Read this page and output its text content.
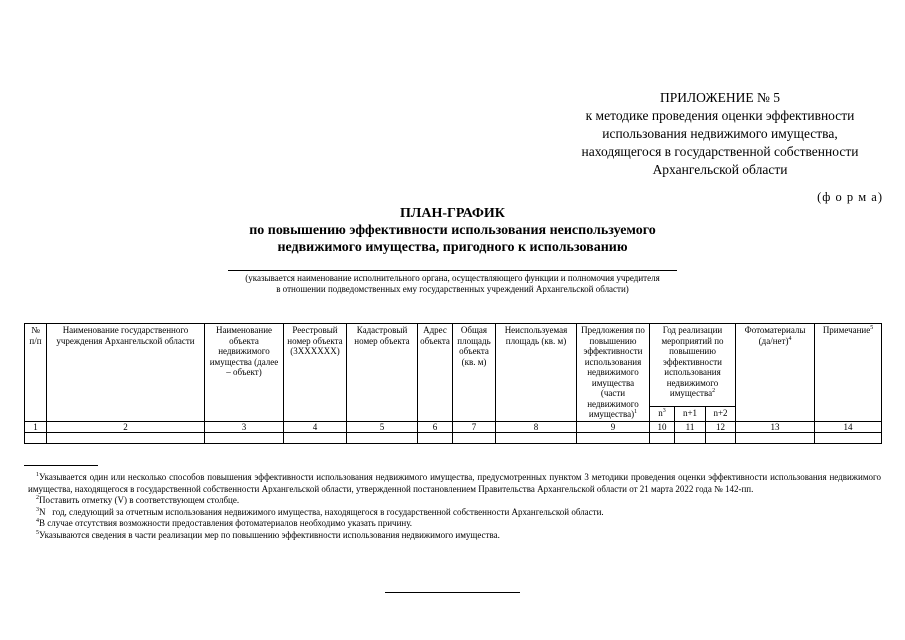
ПРИЛОЖЕНИЕ № 5
к методике проведения оценки эффективности
использования недвижимого имущества,
находящегося в государственной собственности
Архангельской области
(ф о р м а)
ПЛАН-ГРАФИК
по повышению эффективности использования неиспользуемого
недвижимого имущества, пригодного к использованию
(указывается наименование исполнительного органа, осуществляющего функции и полномочия учредителя
в отношении подведомственных ему государственных учреждений Архангельской области)
№ п/п	Наименование государственного учреждения Архангельской области	Наименование объекта недвижимого имущества (далее – объект)	Реестровый номер объекта (3ХХХХХХ)	Кадастровый номер объекта	Адрес объекта	Общая площадь объекта (кв. м)	Неиспользуемая площадь (кв. м)	Предложения по повышению эффективности использования недвижимого имущества (части недвижимого имущества)$^1$	Год реализации мероприятий по повышению эффективности использования недвижимого имущества$^2$			Фотоматериалы $(да/нет)^4$	Примечание$^5$
									$n^3$	n+1	n+2		
1	2	3	4	5	6	7	8	9	10	11	12	13	14

$^1$Указывается один или несколько способов повышения эффективности использования недвижимого имущества, предусмотренных пунктом 3 методики проведения оценки эффективности использования недвижимого имущества, находящегося в государственной собственности Архангельской области, утвержденной постановлением Правительства Архангельской области от 21 марта 2022 года № 142-пп.
$^2$Поставить отметку (V) в соответствующем столбце.
$^3$N   год, следующий за отчетным использования недвижимого имущества, находящегося в государственной собственности Архангельской области.
$^4$В случае отсутствия возможности предоставления фотоматериалов необходимо указать причину.
$^5$Указываются сведения в части реализации мер по повышению эффективности использования недвижимого имущества.
